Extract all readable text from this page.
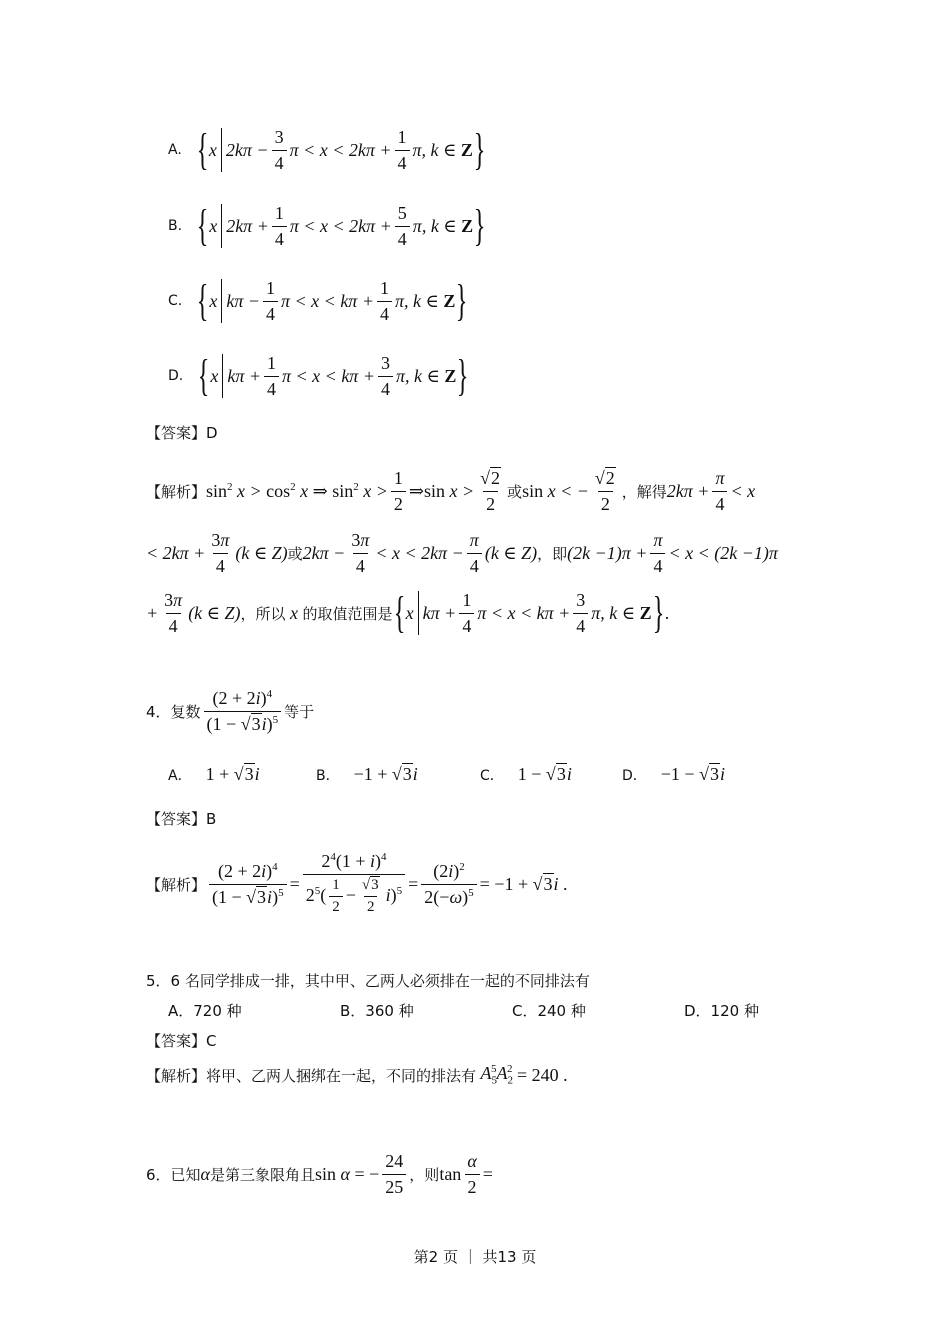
A. { x $2k\pi - \frac{3}{4}$ $\pi < x < 2k\pi + \frac{1}{4} \pi$, k ∈ Z }
B. { x $2k\pi + \frac{1}{4}$ $\pi < x < 2k\pi + \frac{5}{4} \pi$, k ∈ Z }
C. { x $k\pi - \frac{1}{4}$ $\pi < x < k\pi + \frac{1}{4} \pi$, k ∈ Z }
D. { x $k\pi + \frac{1}{4}$ $\pi < x < k\pi + \frac{3}{4} \pi$, k ∈ Z }
【答案】 D
【解析】 $\sin^2 x > \cos^2 x$ ⇒ $\sin^2 x > \frac{1}{2}$ ⇒ $\sin x > \frac{√2}{2}$ 或 sin x < − $\frac{√2}{2}$ ，解得 $2k\pi + \frac{\pi}{4} < x$
< $2k\pi + \frac{3\pi}{4} (k$ ∈ Z) 或 $2k\pi - \frac{3\pi}{4} < x < 2k\pi - \frac{\pi}{4} (k$ ∈ Z) ，即 $(2k -1)\pi + \frac{\pi}{4} < x < (2k -1)\pi$
+ $\frac{3\pi}{4} (k$ ∈ Z) ，所以 x 的取值范围是 { x $k\pi + \frac{1}{4}$ $\pi < x < k\pi + \frac{3}{4} \pi$, k ∈ Z } .
4．复数 $\frac{(2 + 2i)^4}{(1 - √3i)^5}$ 等于
A． 1 + √3i	B． −1 + √3i	C． 1 − √3i	D． −1 − √3i
【答案】 B
【解析】 $\frac{(2 + 2i)^4}{(1 - √3i)^5} = \frac{2^4(1 + i)^4}{2^5( \frac{1}{2} - \frac{√3}{2} i)^5} = \frac{(2i)^2}{2(-\omega)^5} = -1 + √3$ i .
5．6 名同学排成一排，其中甲、乙两人必须排在一起的不同排法有
A．720 种	B．360 种	C．240 种	D．120 种
【答案】 C
【解析】 将甲、乙两人捆绑在一起，不同的排法有 $A_5^5A_2^2 = 240$ .
6．已知 α 是第三象限角且 sin α = − $\frac{24}{25}$ ，则 $\tan \frac{\alpha}{2}$ =
第2 页 ｜ 共13 页
